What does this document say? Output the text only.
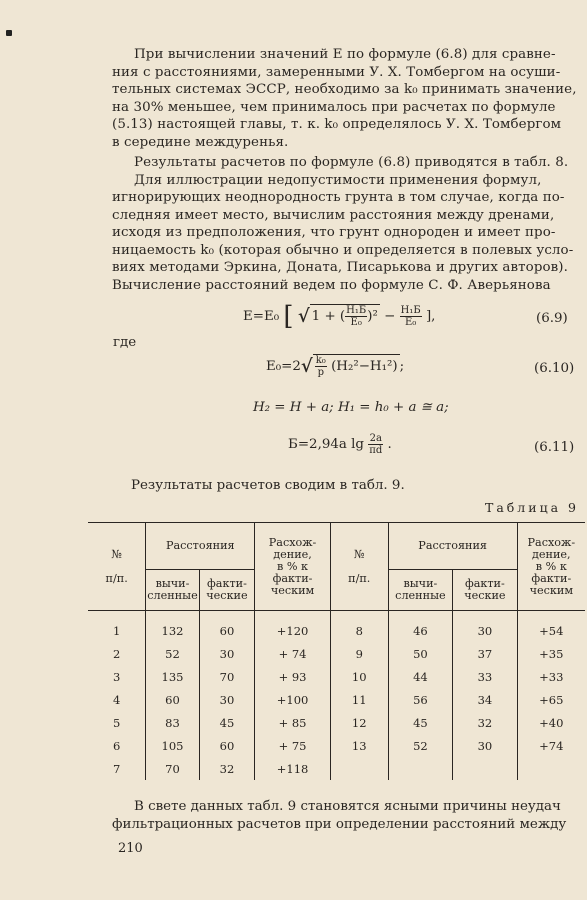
При вычислении значений Е по формуле (6.8) для сравне-
ния с расстояниями, замеренными У. Х. Томбергом на осуши-
тельных системах ЭССР, необходимо за k₀ принимать значение,
на 30% меньшее, чем принималось при расчетах по формуле
(5.13) настоящей главы, т. к. k₀ определялось У. Х. Томбергом
в середине междуренья.
Результаты расчетов по формуле (6.8) приводятся в табл. 8.
Для иллюстрации недопустимости применения формул,
игнорирующих неоднородность грунта в том случае, когда по-
следняя имеет место, вычислим расстояния между дренами,
исходя из предположения, что грунт однороден и имеет про-
ницаемость k₀ (которая обычно и определяется в полевых усло-
виях методами Эркина, Доната, Писарькова и других авторов).
Вычисление расстояний ведем по формуле С. Ф. Аверьянова
E=E₀ [ √ 1 + ( $\frac{\text{H₁Б}}{\text{E₀}} )^2 - \frac{\text{H₁Б}}{\text{E₀}}$ ],	(6.9)
где
$E_0=2√ \frac{\text{k₀}}{p} (H_2^2-H_1^2)$ ;	(6.10)
H₂ = H + a; H₁ = h₀ + a ≅ a;
Б=2,94a $\lg \frac{2a}{\pi d}$ .	(6.11)
Результаты расчетов сводим в табл. 9.
Таблица 9
№

п/п.	Расстояния		Расхож-
дение,
в % к
факти-
ческим	№

п/п.	Расстояния		Расхож-
дение,
в % к
факти-
ческим
	вычи-
сленные	факти-
ческие			вычи-
сленные	факти-
ческие	
1	132	60	+120	8	46	30	+54
2	52	30	+ 74	9	50	37	+35
3	135	70	+ 93	10	44	33	+33
4	60	30	+100	11	56	34	+65
5	83	45	+ 85	12	45	32	+40
6	105	60	+ 75	13	52	30	+74
7	70	32	+118				
В свете данных табл. 9 становятся ясными причины неудач
фильтрационных расчетов при определении расстояний между
210
